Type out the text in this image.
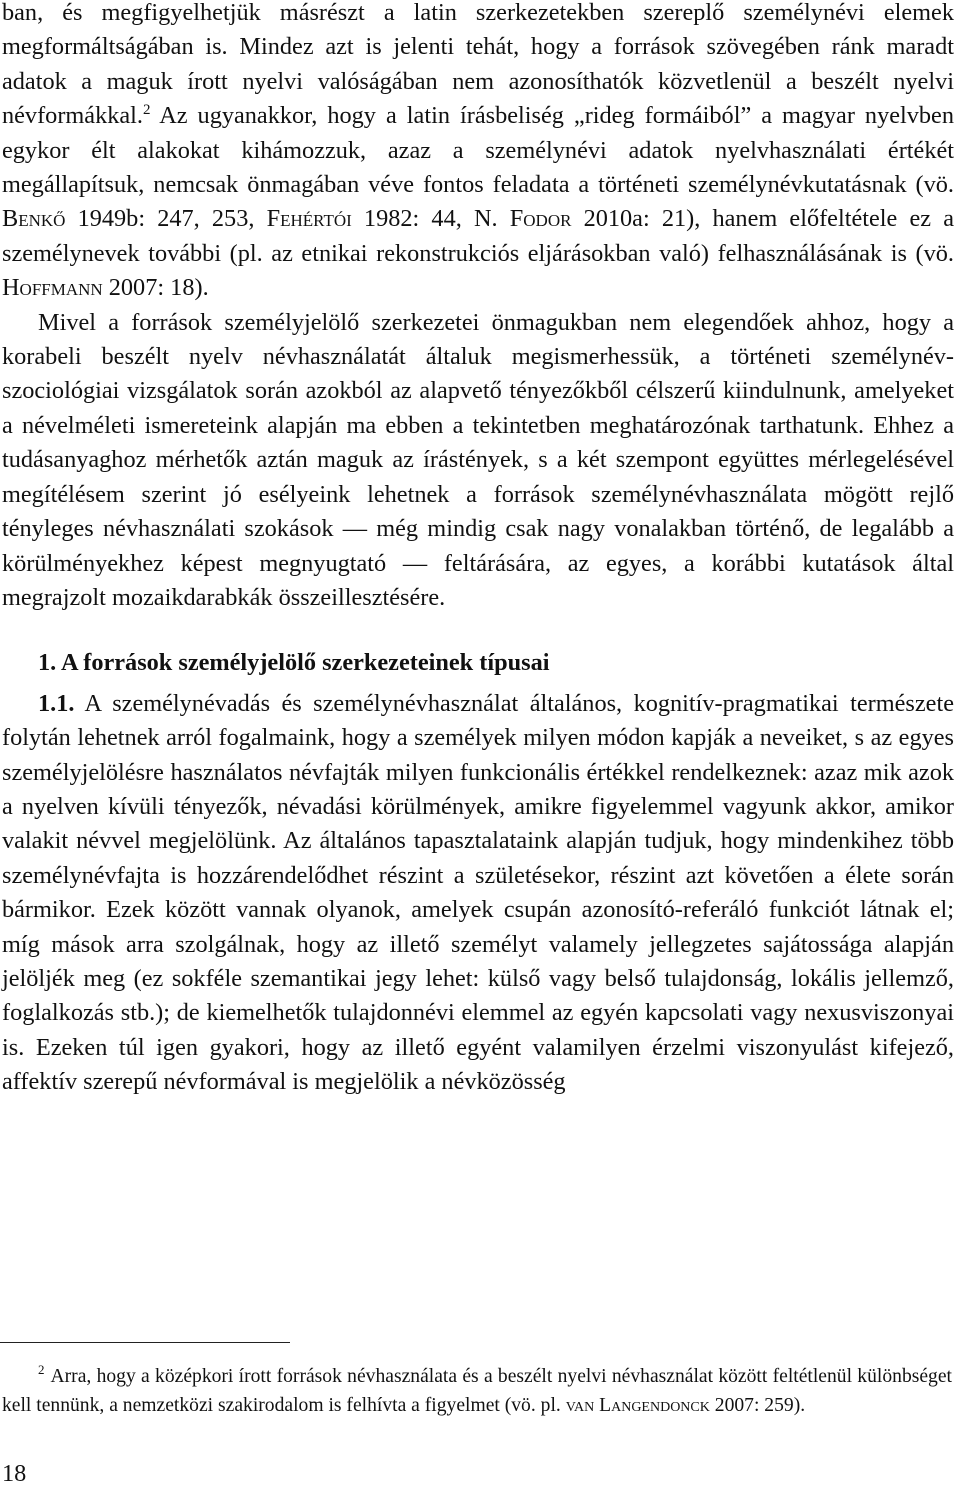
ban, és megfigyelhetjük másrészt a latin szerkezetekben szereplő személynévi elemek megformáltságában is. Mindez azt is jelenti tehát, hogy a források szövegében ránk maradt adatok a maguk írott nyelvi valóságában nem azonosíthatók közvetlenül a beszélt nyelvi névformákkal.$^2$ Az ugyanakkor, hogy a latin írásbeliség „rideg formáiból” a magyar nyelvben egykor élt alakokat kihámozzuk, azaz a személynévi adatok nyelvhasználati értékét megállapítsuk, nemcsak önmagában véve fontos feladata a történeti személynévkutatásnak (vö. Benkő 1949b: 247, 253, Fehértói 1982: 44, N. Fodor 2010a: 21), hanem előfeltétele ez a személynevek további (pl. az etnikai rekonstrukciós eljárásokban való) felhasználásának is (vö. Hoffmann 2007: 18).

Mivel a források személyjelölő szerkezetei önmagukban nem elegendőek ahhoz, hogy a korabeli beszélt nyelv névhasználatát általuk megismerhessük, a történeti személynév-szociológiai vizsgálatok során azokból az alapvető tényezőkből célszerű kiindulnunk, amelyeket a névelméleti ismereteink alapján ma ebben a tekintetben meghatározónak tarthatunk. Ehhez a tudásanyaghoz mérhetők aztán maguk az írástények, s a két szempont együttes mérlegelésével megítélésem szerint jó esélyeink lehetnek a források személynévhasználata mögött rejlő tényleges névhasználati szokások — még mindig csak nagy vonalakban történő, de legalább a körülményekhez képest megnyugtató — feltárására, az egyes, a korábbi kutatások által megrajzolt mozaikdarabkák összeillesztésére.

1. A források személyjelölő szerkezeteinek típusai

1.1. A személynévadás és személynévhasználat általános, kognitív-pragmatikai természete folytán lehetnek arról fogalmaink, hogy a személyek milyen módon kapják a neveiket, s az egyes személyjelölésre használatos névfajták milyen funkcionális értékkel rendelkeznek: azaz mik azok a nyelven kívüli tényezők, névadási körülmények, amikre figyelemmel vagyunk akkor, amikor valakit névvel megjelölünk. Az általános tapasztalataink alapján tudjuk, hogy mindenkihez több személynévfajta is hozzárendelődhet részint a születésekor, részint azt követően a élete során bármikor. Ezek között vannak olyanok, amelyek csupán azonosító-referáló funkciót látnak el; míg mások arra szolgálnak, hogy az illető személyt valamely jellegzetes sajátossága alapján jelöljék meg (ez sokféle szemantikai jegy lehet: külső vagy belső tulajdonság, lokális jellemző, foglalkozás stb.); de kiemelhetők tulajdonnévi elemmel az egyén kapcsolati vagy nexusviszonyai is. Ezeken túl igen gyakori, hogy az illető egyént valamilyen érzelmi viszonyulást kifejező, affektív szerepű névformával is megjelölik a névközösség

$^2$ Arra, hogy a középkori írott források névhasználata és a beszélt nyelvi névhasználat között feltétlenül különbséget kell tennünk, a nemzetközi szakirodalom is felhívta a figyelmet (vö. pl. van Langendonck 2007: 259).

18
